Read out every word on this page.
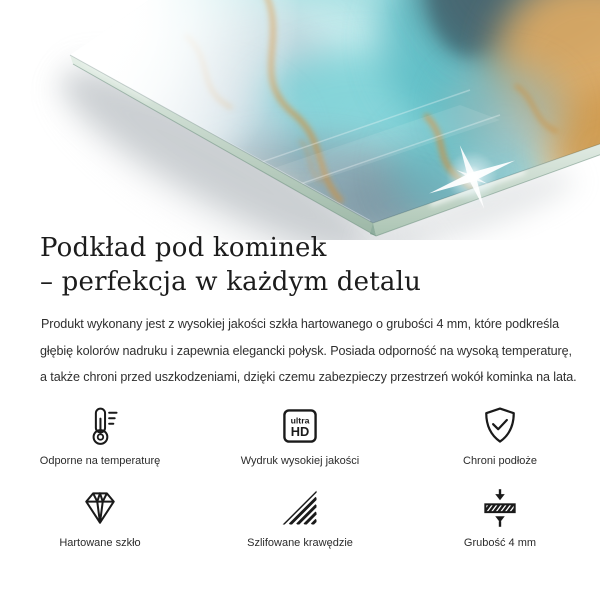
Podkład pod kominek
– perfekcja w każdym detalu
Produkt wykonany jest z wysokiej jakości szkła hartowanego o grubości 4 mm, które podkreśla
głębię kolorów nadruku i zapewnia elegancki połysk. Posiada odporność na wysoką temperaturę,
a także chroni przed uszkodzeniami, dzięki czemu zabezpieczy przestrzeń wokół kominka na lata.
Odporne na temperaturę
ultra
HD
Wydruk wysokiej jakości	Chroni podłoże
Hartowane szkło	Szlifowane krawędzie	Grubość 4 mm
